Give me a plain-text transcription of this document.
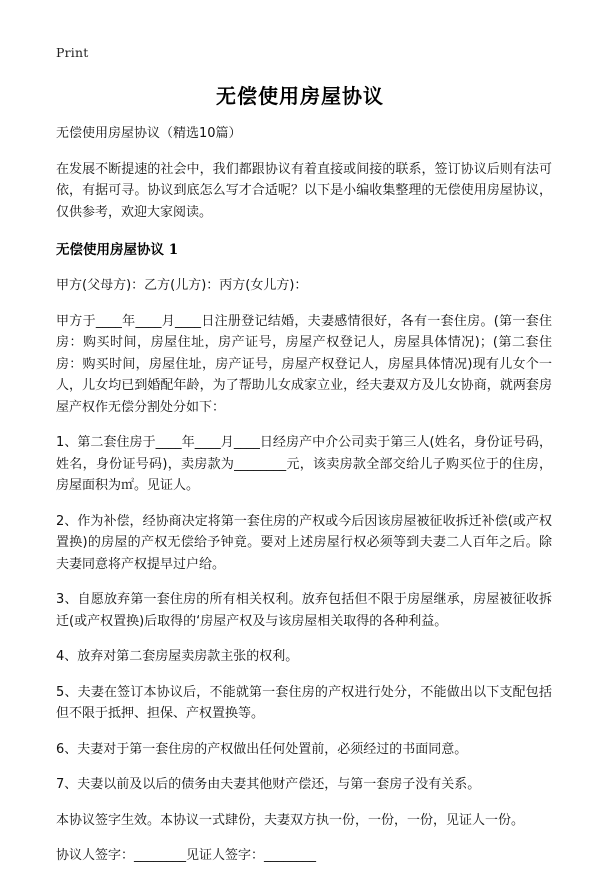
Print
无偿使用房屋协议

无偿使用房屋协议（精选10篇）

在发展不断提速的社会中，我们都跟协议有着直接或间接的联系，签订协议后则有法可依，有据可寻。协议到底怎么写才合适呢？以下是小编收集整理的无偿使用房屋协议，仅供参考，欢迎大家阅读。

无偿使用房屋协议 1

甲方(父母方)：乙方(儿方)：丙方(女儿方)：

甲方于____年____月____日注册登记结婚，夫妻感情很好，各有一套住房。(第一套住房：购买时间，房屋住址，房产证号，房屋产权登记人，房屋具体情况)；(第二套住房：购买时间，房屋住址，房产证号，房屋产权登记人，房屋具体情况)现有儿女个一人，儿女均已到婚配年龄，为了帮助儿女成家立业，经夫妻双方及儿女协商，就两套房屋产权作无偿分割处分如下：

1、第二套住房于____年____月____日经房产中介公司卖于第三人(姓名，身份证号码，姓名，身份证号码)，卖房款为________元，该卖房款全部交给儿子购买位于的住房，房屋面积为㎡。见证人。

2、作为补偿，经协商决定将第一套住房的产权或今后因该房屋被征收拆迁补偿(或产权置换)的房屋的产权无偿给予钟竟。要对上述房屋行权必须等到夫妻二人百年之后。除夫妻同意将产权提早过户给。

3、自愿放弃第一套住房的所有相关权利。放弃包括但不限于房屋继承，房屋被征收拆迁(或产权置换)后取得的‘房屋产权及与该房屋相关取得的各种利益。

4、放弃对第二套房屋卖房款主张的权利。

5、夫妻在签订本协议后，不能就第一套住房的产权进行处分，不能做出以下支配包括但不限于抵押、担保、产权置换等。

6、夫妻对于第一套住房的产权做出任何处置前，必须经过的书面同意。

7、夫妻以前及以后的债务由夫妻其他财产偿还，与第一套房子没有关系。

本协议签字生效。本协议一式肆份，夫妻双方执一份，一份，一份，见证人一份。

协议人签字：________见证人签字：________
